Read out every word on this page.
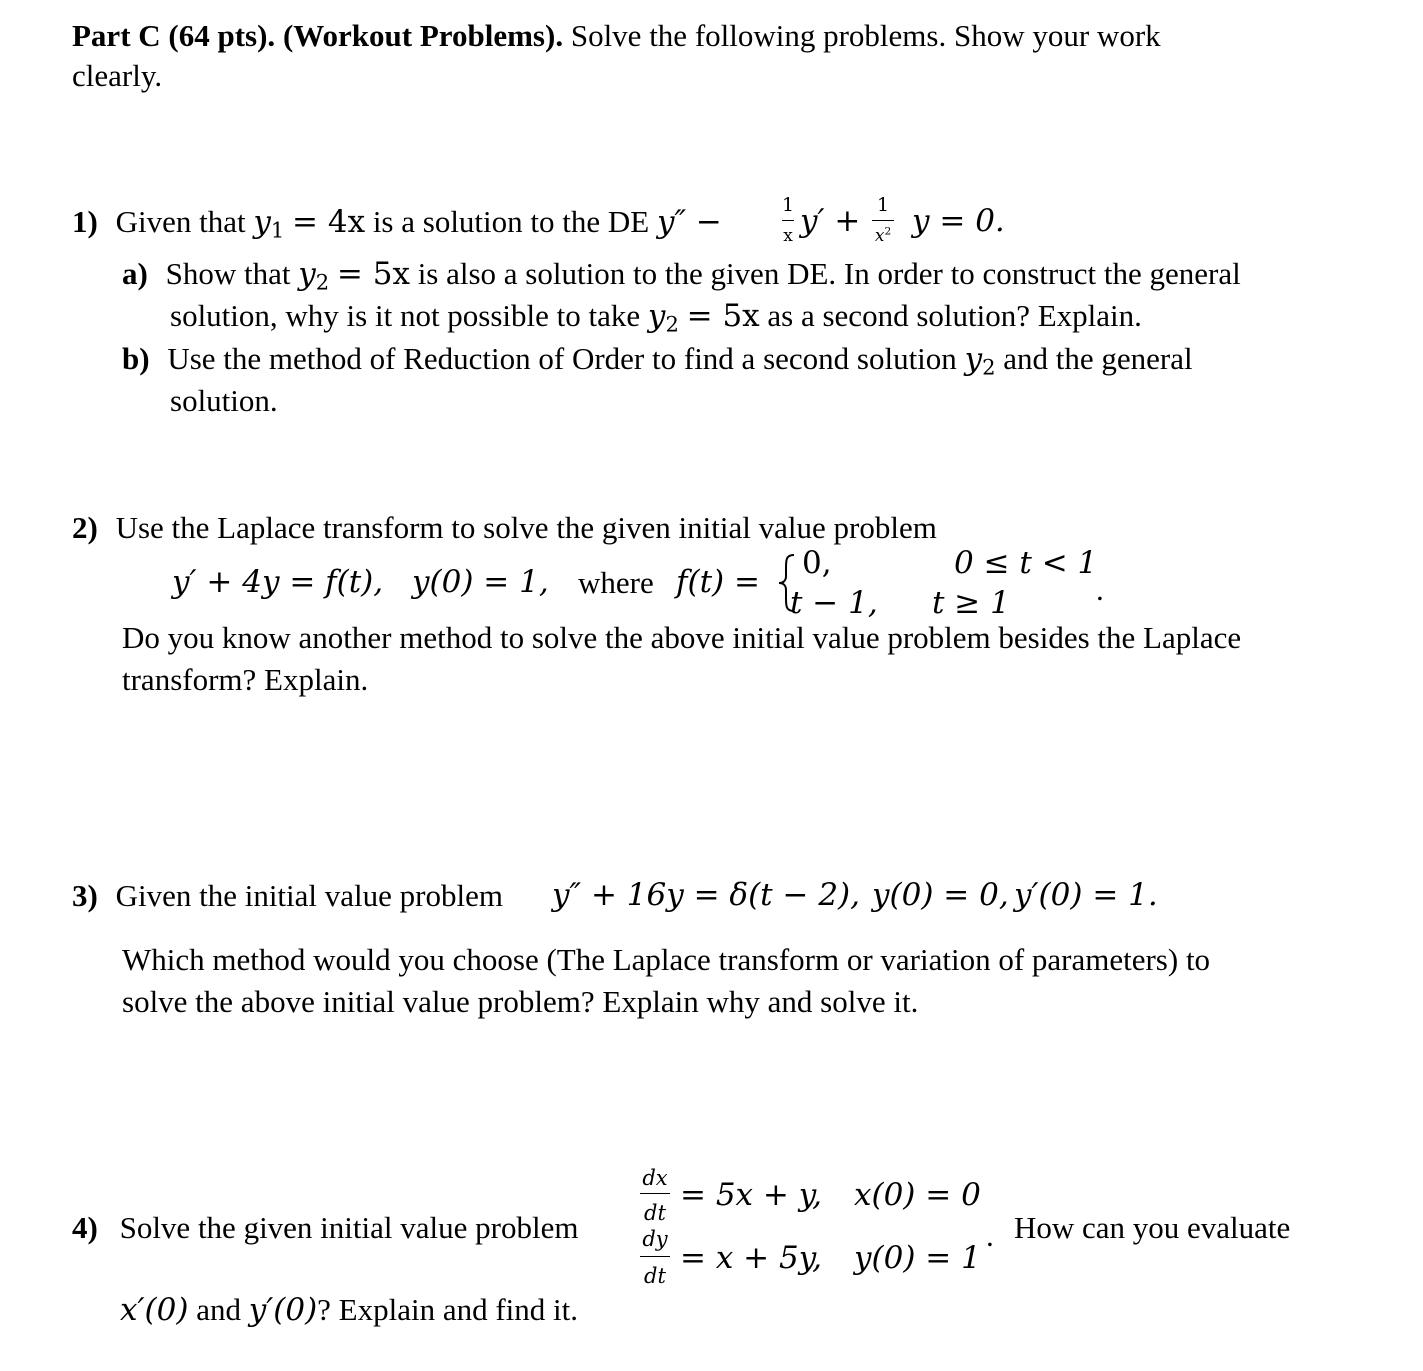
Part C (64 pts). (Workout Problems). Solve the following problems. Show your work
clearly.
1) Given that $y_1 = 4x$ is a solution to the DE y″ −	1
x y′ + 1
$x^2$ y = 0.
a) Show that $y_2 = 5x$ is also a solution to the given DE. In order to construct the general
solution, why is it not possible to take $y_2 = 5x$ as a second solution? Explain.
b) Use the method of Reduction of Order to find a second solution $y_2$ and the general
solution.
2) Use the Laplace transform to solve the given initial value problem
y′ + 4y = f(t), y(0) = 1, where f(t) =
0,	0 ≤ t < 1
t − 1, t ≥ 1	.
Do you know another method to solve the above initial value problem besides the Laplace
transform? Explain.
3) Given the initial value problem y″ + 16y = δ(t − 2), y(0) = 0, y′(0) = 1.
Which method would you choose (The Laplace transform or variation of parameters) to
solve the above initial value problem? Explain why and solve it.
4) Solve the given initial value problem
dx
dt = 5x + y, x(0) = 0
dy
dt = x + 5y, y(0) = 1
. How can you evaluate
x′(0) and y′(0)? Explain and find it.
